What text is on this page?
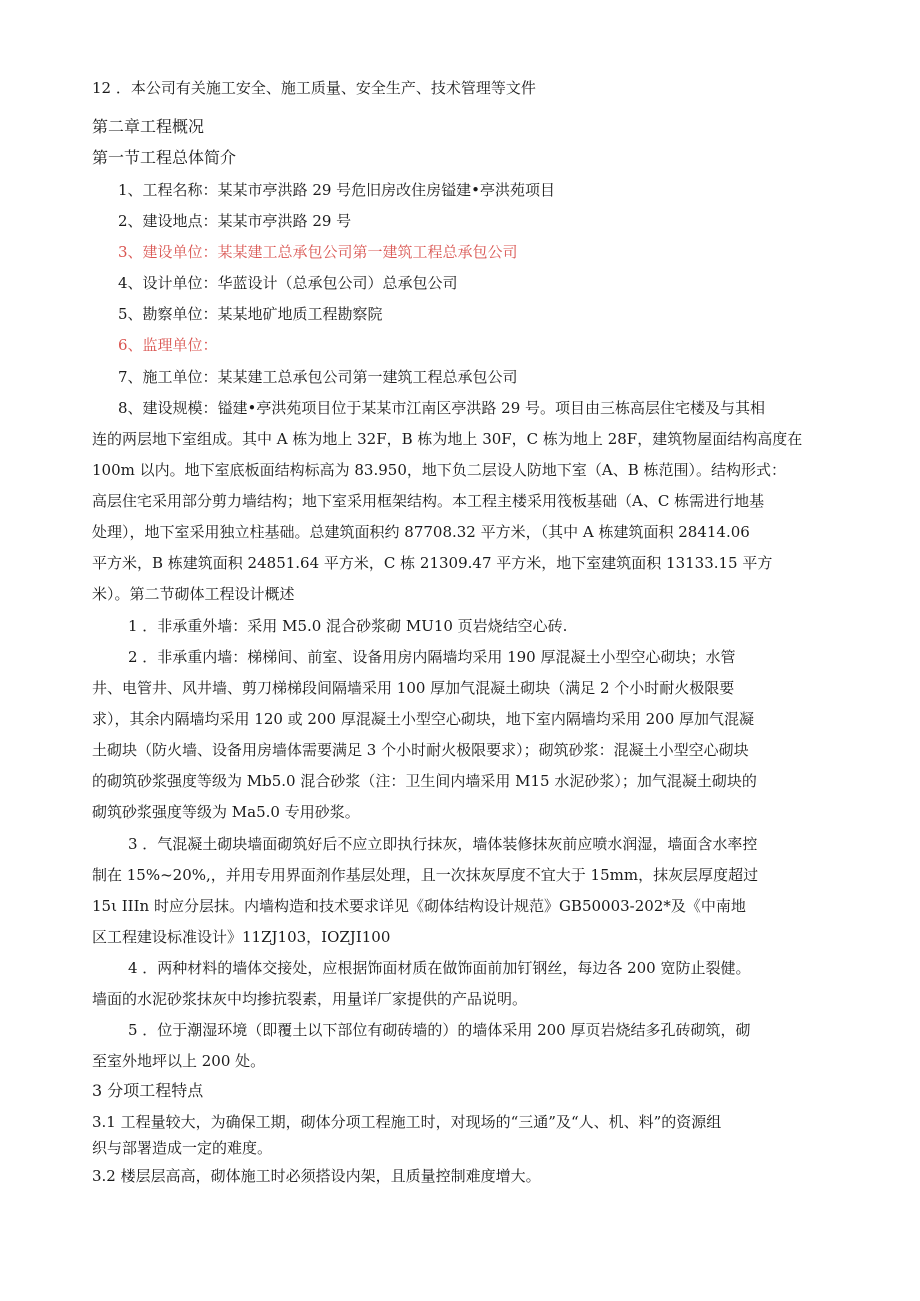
12 ．本公司有关施工安全、施工质量、安全生产、技术管理等文件
第二章工程概况
第一节工程总体简介
1、工程名称：某某市亭洪路 29 号危旧房改住房镒建•亭洪苑项目
2、建设地点：某某市亭洪路 29 号
3、建设单位：某某建工总承包公司第一建筑工程总承包公司
4、设计单位：华蓝设计（总承包公司）总承包公司
5、勘察单位：某某地矿地质工程勘察院
6、监理单位：
7、施工单位：某某建工总承包公司第一建筑工程总承包公司
8、建设规模：镒建•亭洪苑项目位于某某市江南区亭洪路 29 号。项目由三栋高层住宅楼及与其相
连的两层地下室组成。其中 A 栋为地上 32F，B 栋为地上 30F，C 栋为地上 28F，建筑物屋面结构高度在
100m 以内。地下室底板面结构标高为 83.950，地下负二层设人防地下室（A、B 栋范围）。结构形式：
高层住宅采用部分剪力墙结构；地下室采用框架结构。本工程主楼采用筏板基础（A、C 栋需进行地基
处理），地下室采用独立柱基础。总建筑面积约 87708.32 平方米，（其中 A 栋建筑面积 28414.06
平方米，B 栋建筑面积 24851.64 平方米，C 栋 21309.47 平方米，地下室建筑面积 13133.15 平方
米）。第二节砌体工程设计概述
1 ．非承重外墙：采用 M5.0 混合砂浆砌 MU10 页岩烧结空心砖.
2 ．非承重内墙：梯梯间、前室、设备用房内隔墙均采用 190 厚混凝土小型空心砌块；水管
井、电管井、风井墙、剪刀梯梯段间隔墙采用 100 厚加气混凝土砌块（满足 2 个小时耐火极限要
求），其余内隔墙均采用 120 或 200 厚混凝土小型空心砌块，地下室内隔墙均采用 200 厚加气混凝
土砌块（防火墙、设备用房墙体需要满足 3 个小时耐火极限要求）；砌筑砂浆：混凝土小型空心砌块
的砌筑砂浆强度等级为 Mb5.0 混合砂浆（注：卫生间内墙采用 M15 水泥砂浆）；加气混凝土砌块的
砌筑砂浆强度等级为 Ma5.0 专用砂浆。
3 ．气混凝土砌块墙面砌筑好后不应立即执行抹灰，墙体装修抹灰前应喷水润湿，墙面含水率控
制在 15%~20%,，并用专用界面剂作基层处理，且一次抹灰厚度不宜大于 15mm，抹灰层厚度超过
15ι IIIn 时应分层抹。内墙构造和技术要求详见《砌体结构设计规范》GB50003-202*及《中南地
区工程建设标准设计》11ZJ103，IOZJI100
4 ．两种材料的墙体交接处，应根据饰面材质在做饰面前加钉钢丝，每边各 200 宽防止裂健。
墙面的水泥砂浆抹灰中均掺抗裂素，用量详厂家提供的产品说明。
5 ．位于潮湿环境（即覆土以下部位有砌砖墙的）的墙体采用 200 厚页岩烧结多孔砖砌筑，砌
至室外地坪以上 200 处。
3 分项工程特点
3.1 工程量较大，为确保工期，砌体分项工程施工时，对现场的“三通”及“人、机、料”的资源组
织与部署造成一定的难度。
3.2 楼层层高高，砌体施工时必须搭设内架，且质量控制难度增大。
